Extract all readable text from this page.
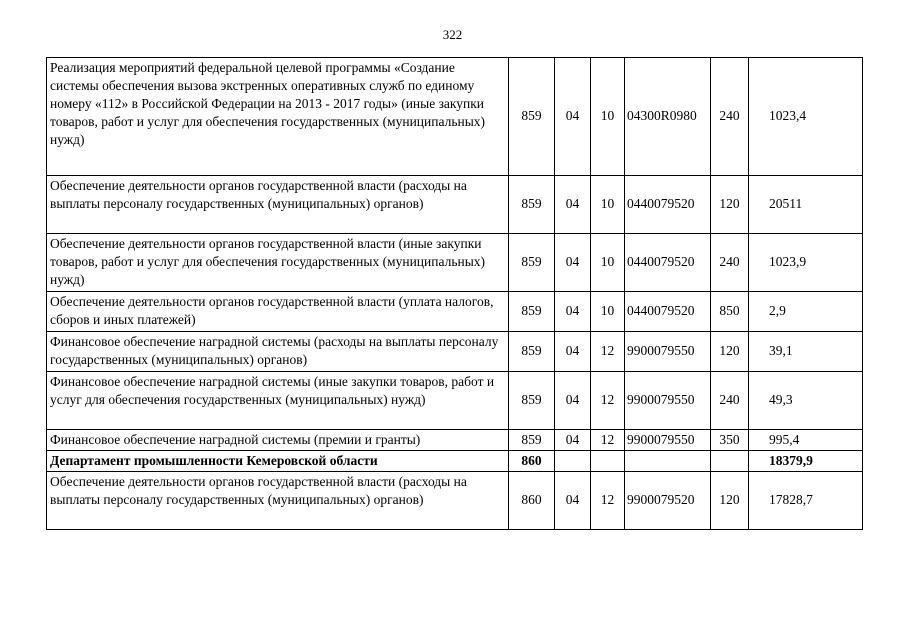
322
Реализация мероприятий федеральной целевой программы «Создание системы обеспечения вызова экстренных оперативных служб по единому номеру «112» в Российской Федерации на 2013 - 2017 годы» (иные закупки товаров, работ и услуг для обеспечения государственных (муниципальных) нужд)	859	04	10	04300R0980	240	1023,4
Обеспечение деятельности органов государственной власти (расходы на выплаты персоналу государственных (муниципальных) органов)	859	04	10	0440079520	120	20511
Обеспечение деятельности органов государственной власти (иные закупки товаров, работ и услуг для обеспечения государственных (муниципальных) нужд)	859	04	10	0440079520	240	1023,9
Обеспечение деятельности органов государственной власти (уплата налогов, сборов и иных платежей)	859	04	10	0440079520	850	2,9
Финансовое обеспечение наградной системы (расходы на выплаты персоналу государственных (муниципальных) органов)	859	04	12	9900079550	120	39,1
Финансовое обеспечение наградной системы (иные закупки товаров, работ и услуг для обеспечения государственных (муниципальных) нужд)	859	04	12	9900079550	240	49,3
Финансовое обеспечение наградной системы (премии и гранты)	859	04	12	9900079550	350	995,4
Департамент промышленности Кемеровской области	860					18379,9
Обеспечение деятельности органов государственной власти (расходы на выплаты персоналу государственных (муниципальных) органов)	860	04	12	9900079520	120	17828,7
